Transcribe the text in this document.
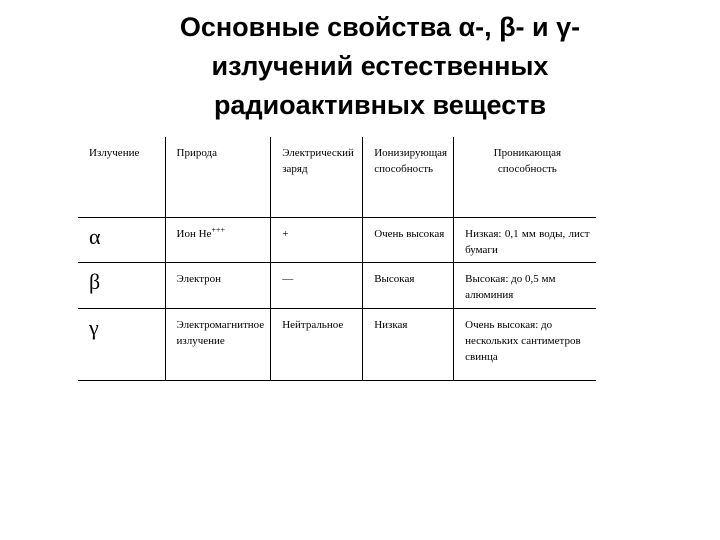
Основные свойства α-, β- и γ-
излучений естественных
радиоактивных веществ
Излучение	Природа	Электрический заряд	Ионизирующая способность	Проникающая способность

α	Ион He+++	+	Очень высокая	Низкая: 0,1 мм воды, лист бумаги

β	Электрон	—	Высокая	Высокая: до 0,5 мм алюминия

γ	Электромагнитное излучение	Нейтральное	Низкая	Очень высокая: до нескольких сантиметров свинца
